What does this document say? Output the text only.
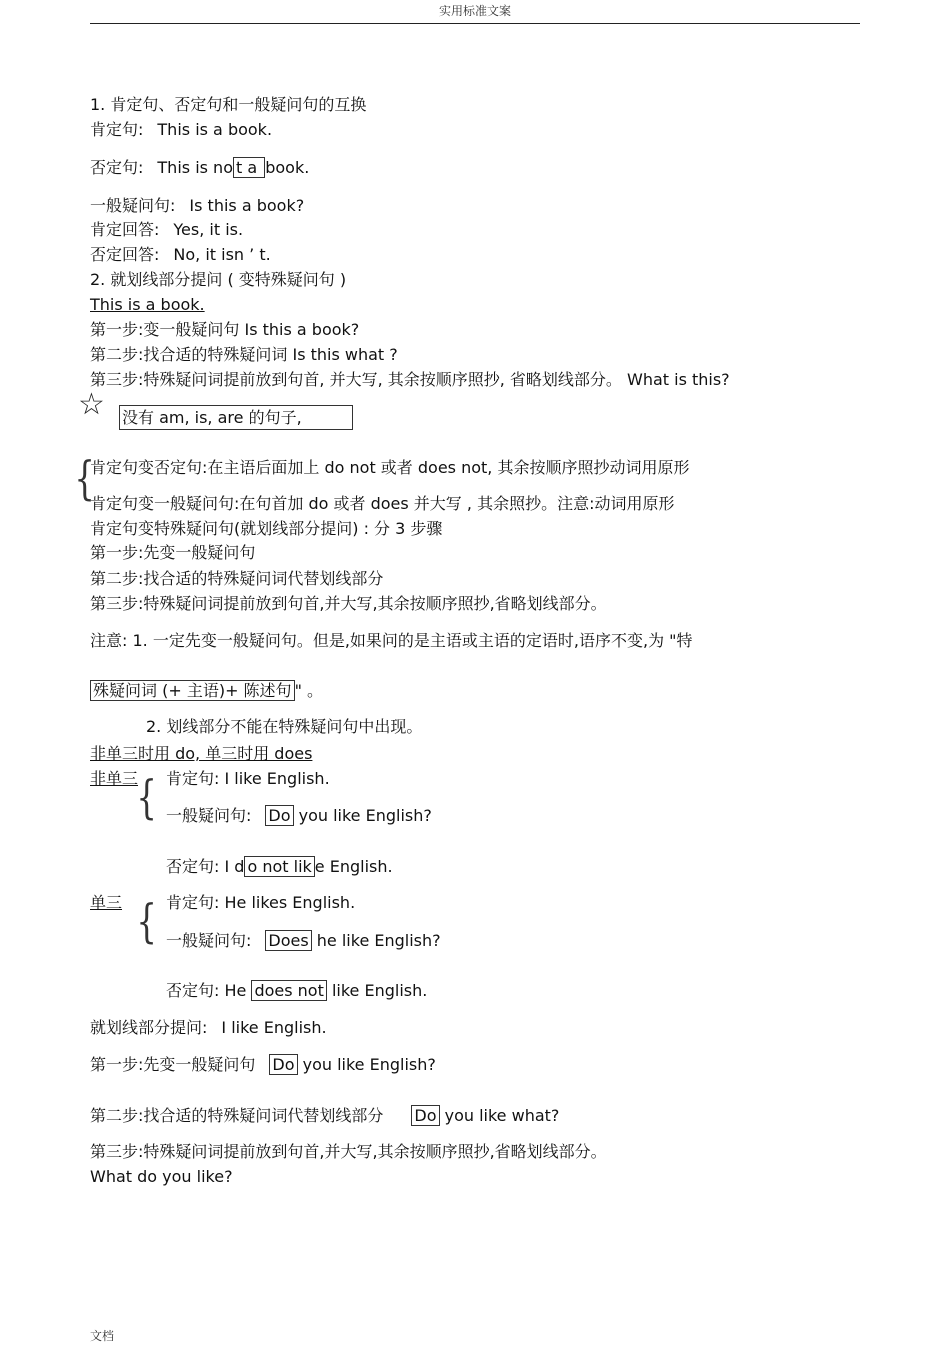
实用标准文案
1. 肯定句、否定句和一般疑问句的互换
肯定句: This is a book.
否定句: This is no t a book.
一般疑问句: Is this a book?
肯定回答: Yes, it is.
否定回答: No, it isn ’ t.
2. 就划线部分提问 ( 变特殊疑问句 )
This is a book.
第一步:变一般疑问句 Is this a book?
第二步:找合适的特殊疑问词 Is this what ?
第三步:特殊疑问词提前放到句首, 并大写, 其余按顺序照抄, 省略划线部分。 What is this?
☆ 没有 am, is, are 的句子,
{
肯定句变否定句:在主语后面加上 do not 或者 does not, 其余按顺序照抄动词用原形
肯定句变一般疑问句:在句首加 do 或者 does 并大写 , 其余照抄。注意:动词用原形
肯定句变特殊疑问句(就划线部分提问) : 分 3 步骤
第一步:先变一般疑问句
第二步:找合适的特殊疑问词代替划线部分
第三步:特殊疑问词提前放到句首,并大写,其余按顺序照抄,省略划线部分。
注意: 1. 一定先变一般疑问句。但是,如果问的是主语或主语的定语时,语序不变,为 "特
殊疑问词 (+ 主语)+ 陈述句 " 。
2. 划线部分不能在特殊疑问句中出现。
非单三时用 do, 单三时用 does
非单三
{ 肯定句: I like English.
一般疑问句: Do you like English?
否定句: I d o not lik e English.
单三 { 肯定句: He likes English.
一般疑问句: Does he like English?
否定句: He does not like English.
就划线部分提问: I like English.
第一步:先变一般疑问句 Do you like English?
第二步:找合适的特殊疑问词代替划线部分 Do you like what?
第三步:特殊疑问词提前放到句首,并大写,其余按顺序照抄,省略划线部分。
What do you like?
文档
